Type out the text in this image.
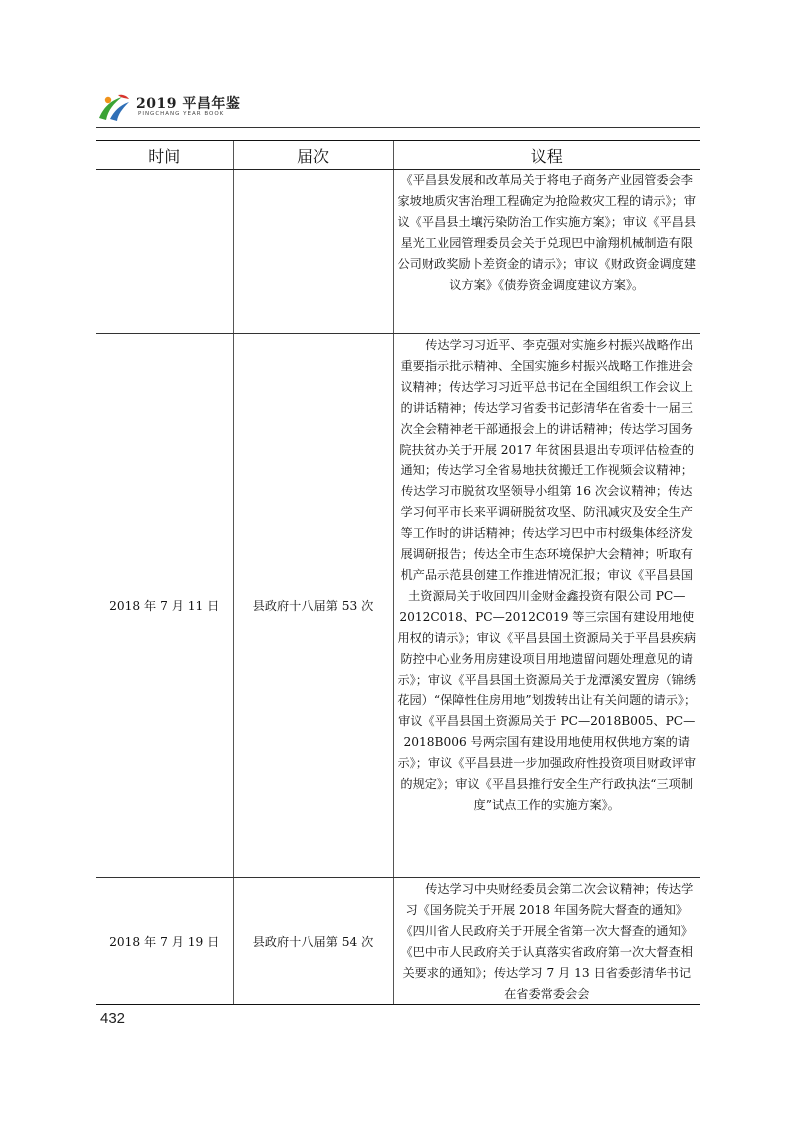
2019 平昌年鉴
PINGCHANG YEAR BOOK
时间	届次	议程
		《平昌县发展和改革局关于将电子商务产业园管委会李家坡地质灾害治理工程确定为抢险救灾工程的请示》；审议《平昌县土壤污染防治工作实施方案》；审议《平昌县星光工业园管理委员会关于兑现巴中渝翔机械制造有限公司财政奖励卜差资金的请示》；审议《财政资金调度建议方案》《债券资金调度建议方案》。
2018 年 7 月 11 日	县政府十八届第 53 次	传达学习习近平、李克强对实施乡村振兴战略作出重要指示批示精神、全国实施乡村振兴战略工作推进会议精神；传达学习习近平总书记在全国组织工作会议上的讲话精神；传达学习省委书记彭清华在省委十一届三次全会精神老干部通报会上的讲话精神；传达学习国务院扶贫办关于开展 2017 年贫困县退出专项评估检查的通知；传达学习全省易地扶贫搬迁工作视频会议精神；传达学习市脱贫攻坚领导小组第 16 次会议精神；传达学习何平市长来平调研脱贫攻坚、防汛减灾及安全生产等工作时的讲话精神；传达学习巴中市村级集体经济发展调研报告；传达全市生态环境保护大会精神；听取有机产品示范县创建工作推进情况汇报；审议《平昌县国土资源局关于收回四川金财金鑫投资有限公司 PC—2012C018、PC—2012C019 等三宗国有建设用地使用权的请示》；审议《平昌县国土资源局关于平昌县疾病防控中心业务用房建设项目用地遗留问题处理意见的请示》；审议《平昌县国土资源局关于龙潭溪安置房（锦绣花园）“保障性住房用地”划拨转出让有关问题的请示》；审议《平昌县国土资源局关于 PC—2018B005、PC—2018B006 号两宗国有建设用地使用权供地方案的请示》；审议《平昌县进一步加强政府性投资项目财政评审的规定》；审议《平昌县推行安全生产行政执法“三项制度”试点工作的实施方案》。
2018 年 7 月 19 日	县政府十八届第 54 次	传达学习中央财经委员会第二次会议精神；传达学习《国务院关于开展 2018 年国务院大督查的通知》《四川省人民政府关于开展全省第一次大督查的通知》《巴中市人民政府关于认真落实省政府第一次大督查相关要求的通知》；传达学习 7 月 13 日省委彭清华书记在省委常委会会
432
